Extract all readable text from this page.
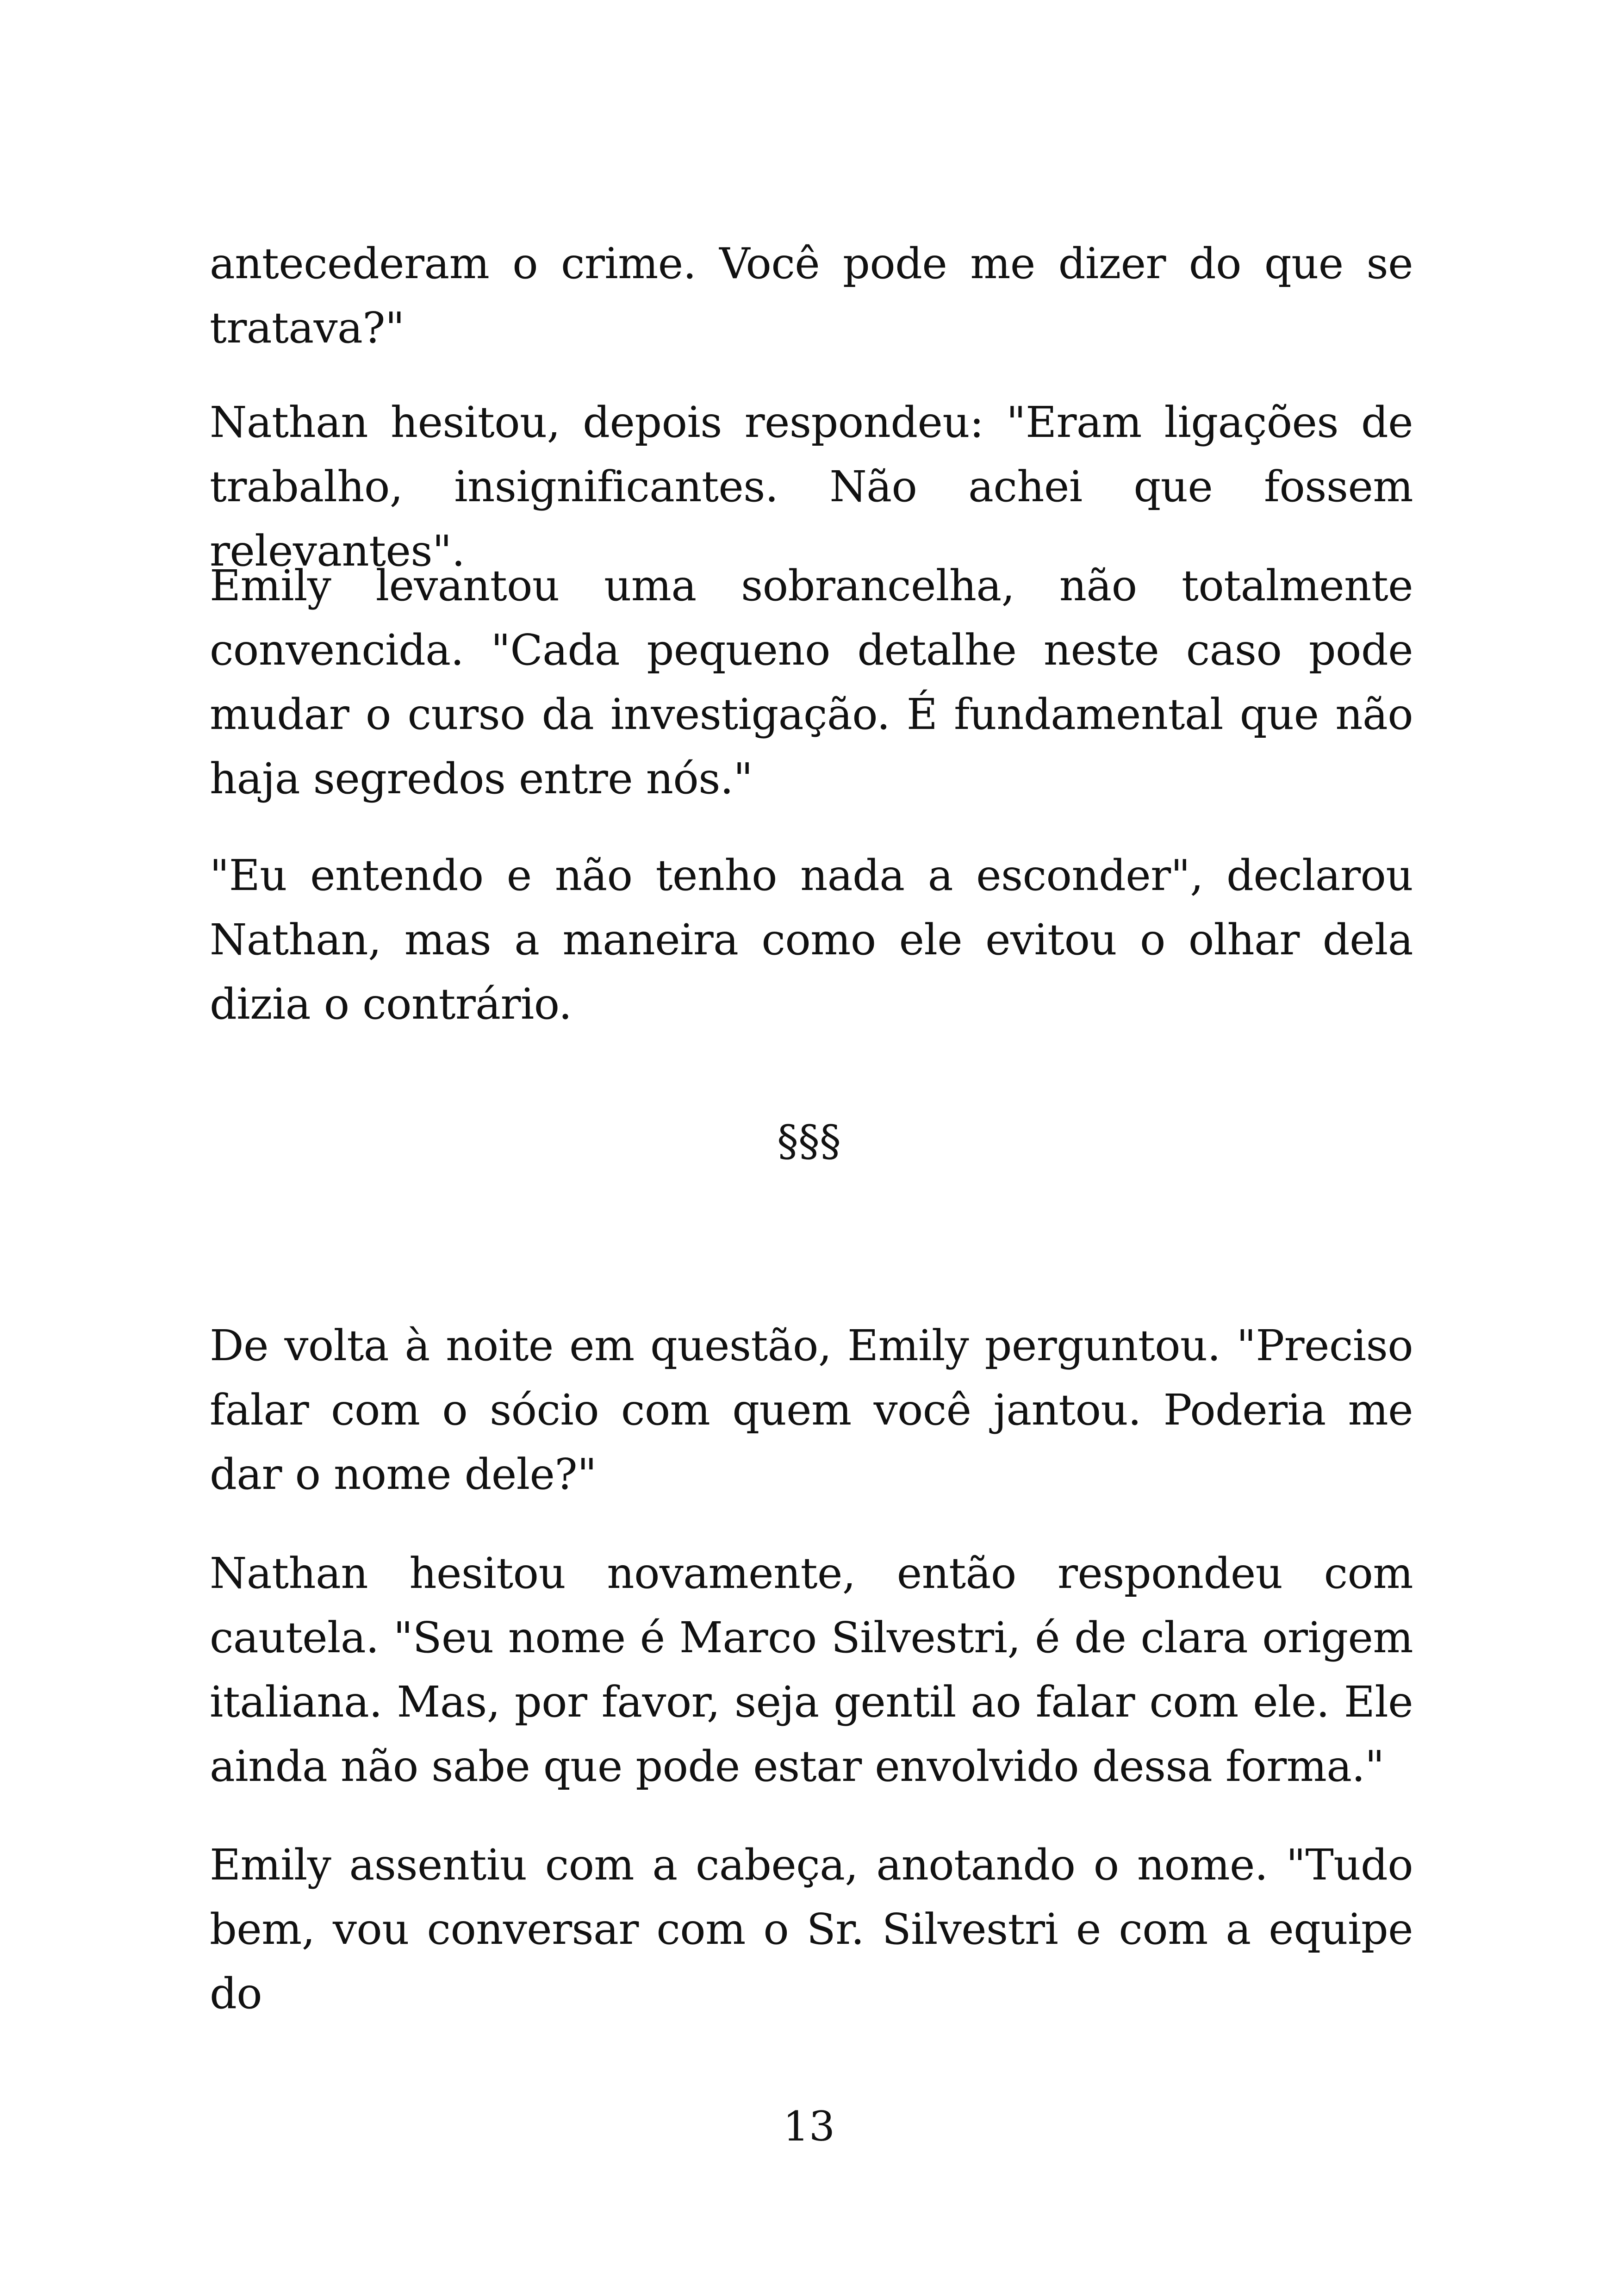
antecederam o crime. Você pode me dizer do que se tratava?"

Nathan hesitou, depois respondeu: "Eram ligações de trabalho, insignificantes. Não achei que fossem relevantes".

Emily levantou uma sobrancelha, não totalmente convencida. "Cada pequeno detalhe neste caso pode mudar o curso da investigação. É fundamental que não haja segredos entre nós."

"Eu entendo e não tenho nada a esconder", declarou Nathan, mas a maneira como ele evitou o olhar dela dizia o contrário.

§§§

De volta à noite em questão, Emily perguntou. "Preciso falar com o sócio com quem você jantou. Poderia me dar o nome dele?"

Nathan hesitou novamente, então respondeu com cautela. "Seu nome é Marco Silvestri, é de clara origem italiana. Mas, por favor, seja gentil ao falar com ele. Ele ainda não sabe que pode estar envolvido dessa forma."

Emily assentiu com a cabeça, anotando o nome. "Tudo bem, vou conversar com o Sr. Silvestri e com a equipe do

13
